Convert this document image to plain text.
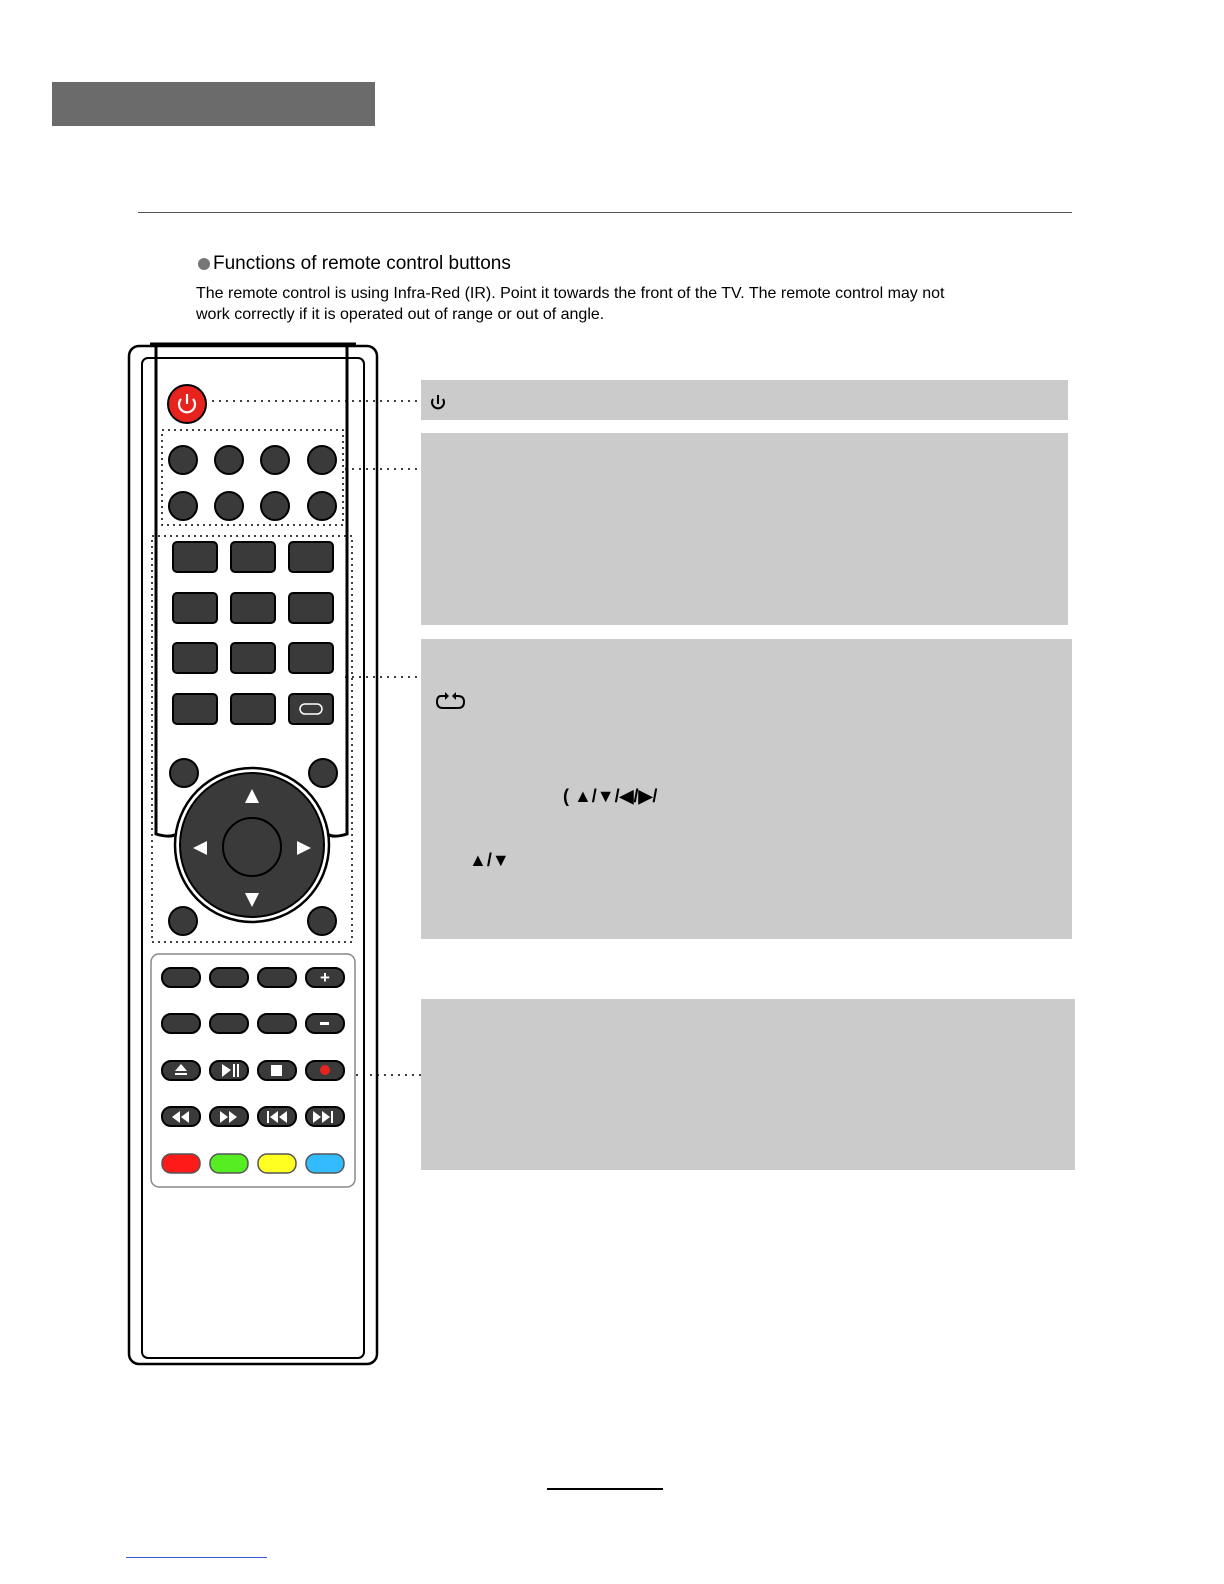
Functions of remote control buttons
The remote control is using Infra-Red (IR). Point it towards the front of the TV. The remote control may not
work correctly if it is operated out of range or out of angle.
+
( ▲/▼/◀/▶/
▲/▼
